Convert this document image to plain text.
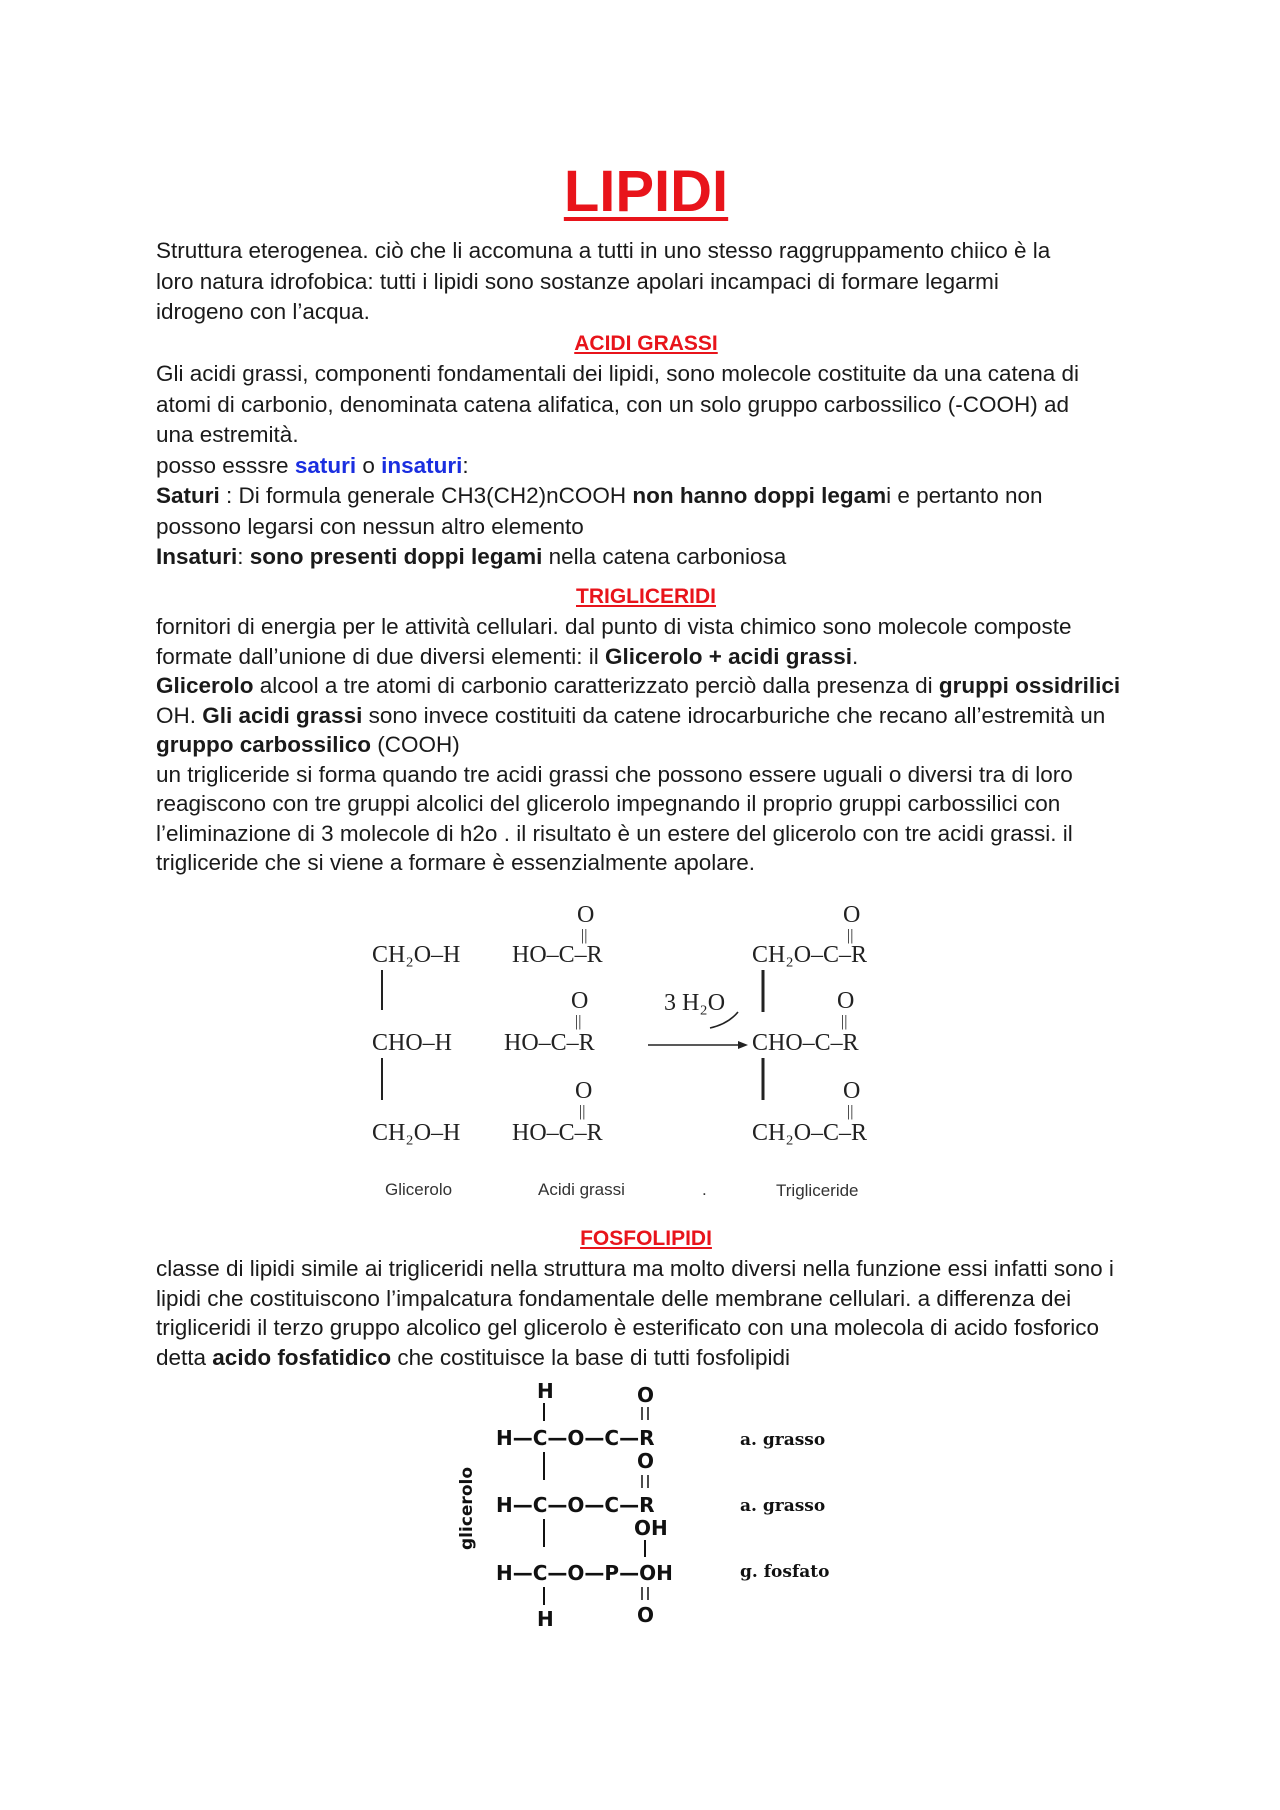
LIPIDI

Struttura eterogenea. ciò che li accomuna a tutti in uno stesso raggruppamento chiico è la
loro natura idrofobica: tutti i lipidi sono sostanze apolari incampaci di formare legarmi
idrogeno con l’acqua.

ACIDI GRASSI

Gli acidi grassi, componenti fondamentali dei lipidi, sono molecole costituite da una catena di
atomi di carbonio, denominata catena alifatica, con un solo gruppo carbossilico (-COOH) ad
una estremità.
posso esssre saturi o insaturi:
Saturi : Di formula generale CH3(CH2)nCOOH non hanno doppi legami e pertanto non
possono legarsi con nessun altro elemento
Insaturi: sono presenti doppi legami nella catena carboniosa

TRIGLICERIDI

fornitori di energia per le attività cellulari. dal punto di vista chimico sono molecole composte
formate dall’unione di due diversi elementi: il Glicerolo + acidi grassi.
Glicerolo alcool a tre atomi di carbonio caratterizzato perciò dalla presenza di gruppi ossidrilici
OH. Gli acidi grassi sono invece costituiti da catene idrocarburiche che recano all’estremità un
gruppo carbossilico (COOH)
un trigliceride si forma quando tre acidi grassi che possono essere uguali o diversi tra di loro
reagiscono con tre gruppi alcolici del glicerolo impegnando il proprio gruppi carbossilici con
l’eliminazione di 3 molecole di h2o . il risultato è un estere del glicerolo con tre acidi grassi. il
trigliceride che si viene a formare è essenzialmente apolare.

FOSFOLIPIDI

classe di lipidi simile ai trigliceridi nella struttura ma molto diversi nella funzione essi infatti sono i
lipidi che costituiscono l’impalcatura fondamentale delle membrane cellulari. a differenza dei
trigliceridi il terzo gruppo alcolico gel glicerolo è esterificato con una molecola di acido fosforico
detta acido fosfatidico che costituisce la base di tutti fosfolipidi

CH₂O–H
CHO–H
CH₂O–H
O
||
HO–C–R
O
||
HO–C–R
O
||
HO–C–R
3 H₂O
O
||
CH₂O–C–R
O
||
CHO–C–R
O
||
CH₂O–C–R
Glicerolo	Acidi grassi	.	Trigliceride
H	O
H—C—O—C—R
O
H—C—O—C—R
OH
H—C—O—P—OH
H	O
a. grasso
a. grasso
g. fosfato
glicerolo
